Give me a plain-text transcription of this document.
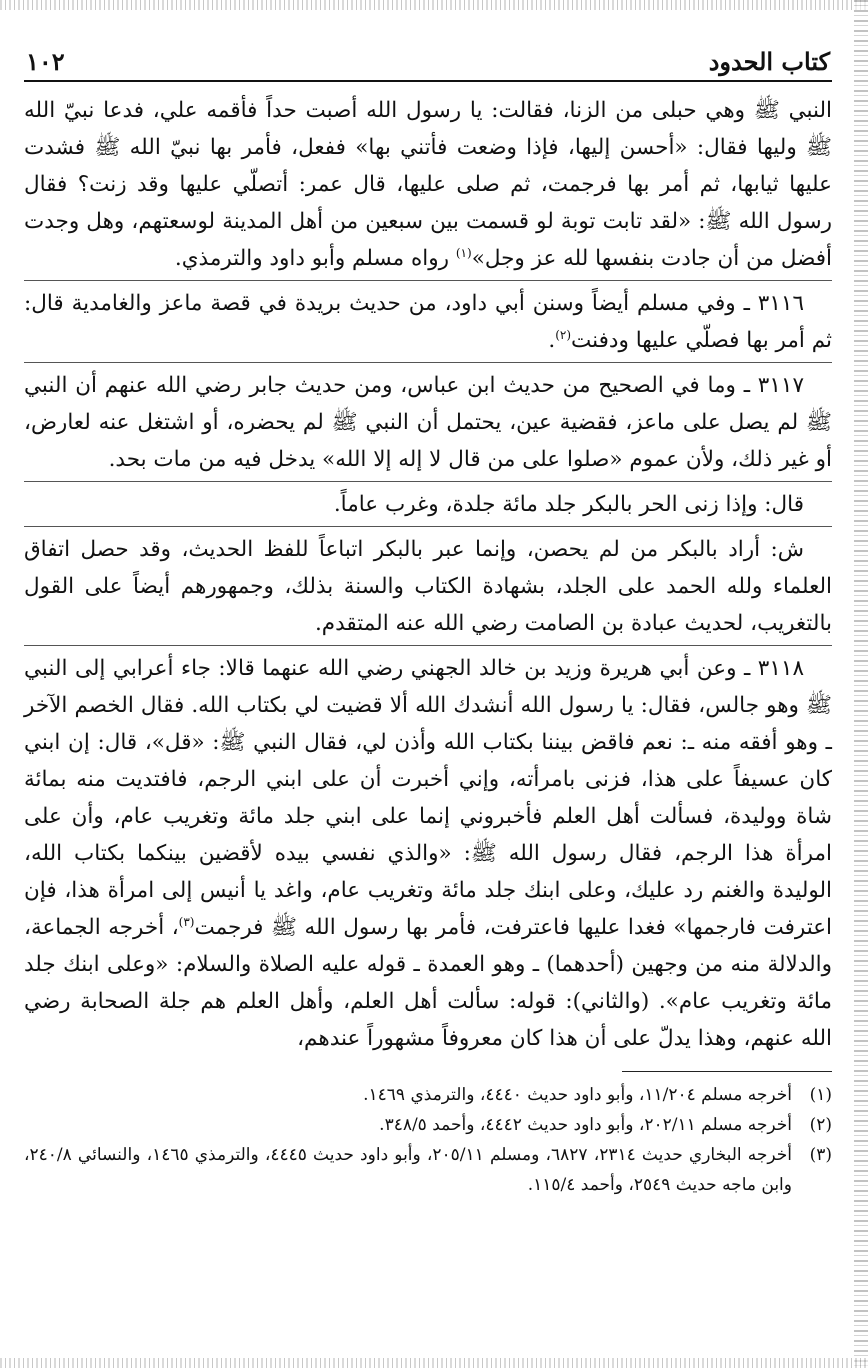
كتاب الحدود
١٠٢

النبي ﷺ وهي حبلى من الزنا، فقالت: يا رسول الله أصبت حداً فأقمه علي، فدعا نبيّ الله ﷺ وليها فقال: «أحسن إليها، فإذا وضعت فأتني بها» ففعل، فأمر بها نبيّ الله ﷺ فشدت عليها ثيابها، ثم أمر بها فرجمت، ثم صلى عليها، قال عمر: أتصلّي عليها وقد زنت؟ فقال رسول الله ﷺ: «لقد تابت توبة لو قسمت بين سبعين من أهل المدينة لوسعتهم، وهل وجدت أفضل من أن جادت بنفسها لله عز وجل»$^{(١)}$ رواه مسلم وأبو داود والترمذي.

٣١١٦ ـ وفي مسلم أيضاً وسنن أبي داود، من حديث بريدة في قصة ماعز والغامدية قال: ثم أمر بها فصلّي عليها ودفنت$^{(٢)}$.

٣١١٧ ـ وما في الصحيح من حديث ابن عباس، ومن حديث جابر رضي الله عنهم أن النبي ﷺ لم يصل على ماعز، فقضية عين، يحتمل أن النبي ﷺ لم يحضره، أو اشتغل عنه لعارض، أو غير ذلك، ولأن عموم «صلوا على من قال لا إله إلا الله» يدخل فيه من مات بحد.

قال: وإذا زنى الحر بالبكر جلد مائة جلدة، وغرب عاماً.

ش: أراد بالبكر من لم يحصن، وإنما عبر بالبكر اتباعاً للفظ الحديث، وقد حصل اتفاق العلماء ولله الحمد على الجلد، بشهادة الكتاب والسنة بذلك، وجمهورهم أيضاً على القول بالتغريب، لحديث عبادة بن الصامت رضي الله عنه المتقدم.

٣١١٨ ـ وعن أبي هريرة وزيد بن خالد الجهني رضي الله عنهما قالا: جاء أعرابي إلى النبي ﷺ وهو جالس، فقال: يا رسول الله أنشدك الله ألا قضيت لي بكتاب الله. فقال الخصم الآخر ـ وهو أفقه منه ـ: نعم فاقض بيننا بكتاب الله وأذن لي، فقال النبي ﷺ: «قل»، قال: إن ابني كان عسيفاً على هذا، فزنى بامرأته، وإني أخبرت أن على ابني الرجم، فافتديت منه بمائة شاة ووليدة، فسألت أهل العلم فأخبروني إنما على ابني جلد مائة وتغريب عام، وأن على امرأة هذا الرجم، فقال رسول الله ﷺ: «والذي نفسي بيده لأقضين بينكما بكتاب الله، الوليدة والغنم رد عليك، وعلى ابنك جلد مائة وتغريب عام، واغد يا أنيس إلى امرأة هذا، فإن اعترفت فارجمها» فغدا عليها فاعترفت، فأمر بها رسول الله ﷺ فرجمت$^{(٣)}$، أخرجه الجماعة، والدلالة منه من وجهين (أحدهما) ـ وهو العمدة ـ قوله عليه الصلاة والسلام: «وعلى ابنك جلد مائة وتغريب عام». (والثاني): قوله: سألت أهل العلم، وأهل العلم هم جلة الصحابة رضي الله عنهم، وهذا يدلّ على أن هذا كان معروفاً مشهوراً عندهم،

(١)
أخرجه مسلم ١١/٢٠٤، وأبو داود حديث ٤٤٤٠، والترمذي ١٤٦٩.
(٢)
أخرجه مسلم ٢٠٢/١١، وأبو داود حديث ٤٤٤٢، وأحمد ٣٤٨/٥.
(٣)
أخرجه البخاري حديث ٢٣١٤، ٦٨٢٧، ومسلم ٢٠٥/١١، وأبو داود حديث ٤٤٤٥، والترمذي ١٤٦٥، والنسائي ٢٤٠/٨، وابن ماجه حديث ٢٥٤٩، وأحمد ١١٥/٤.
